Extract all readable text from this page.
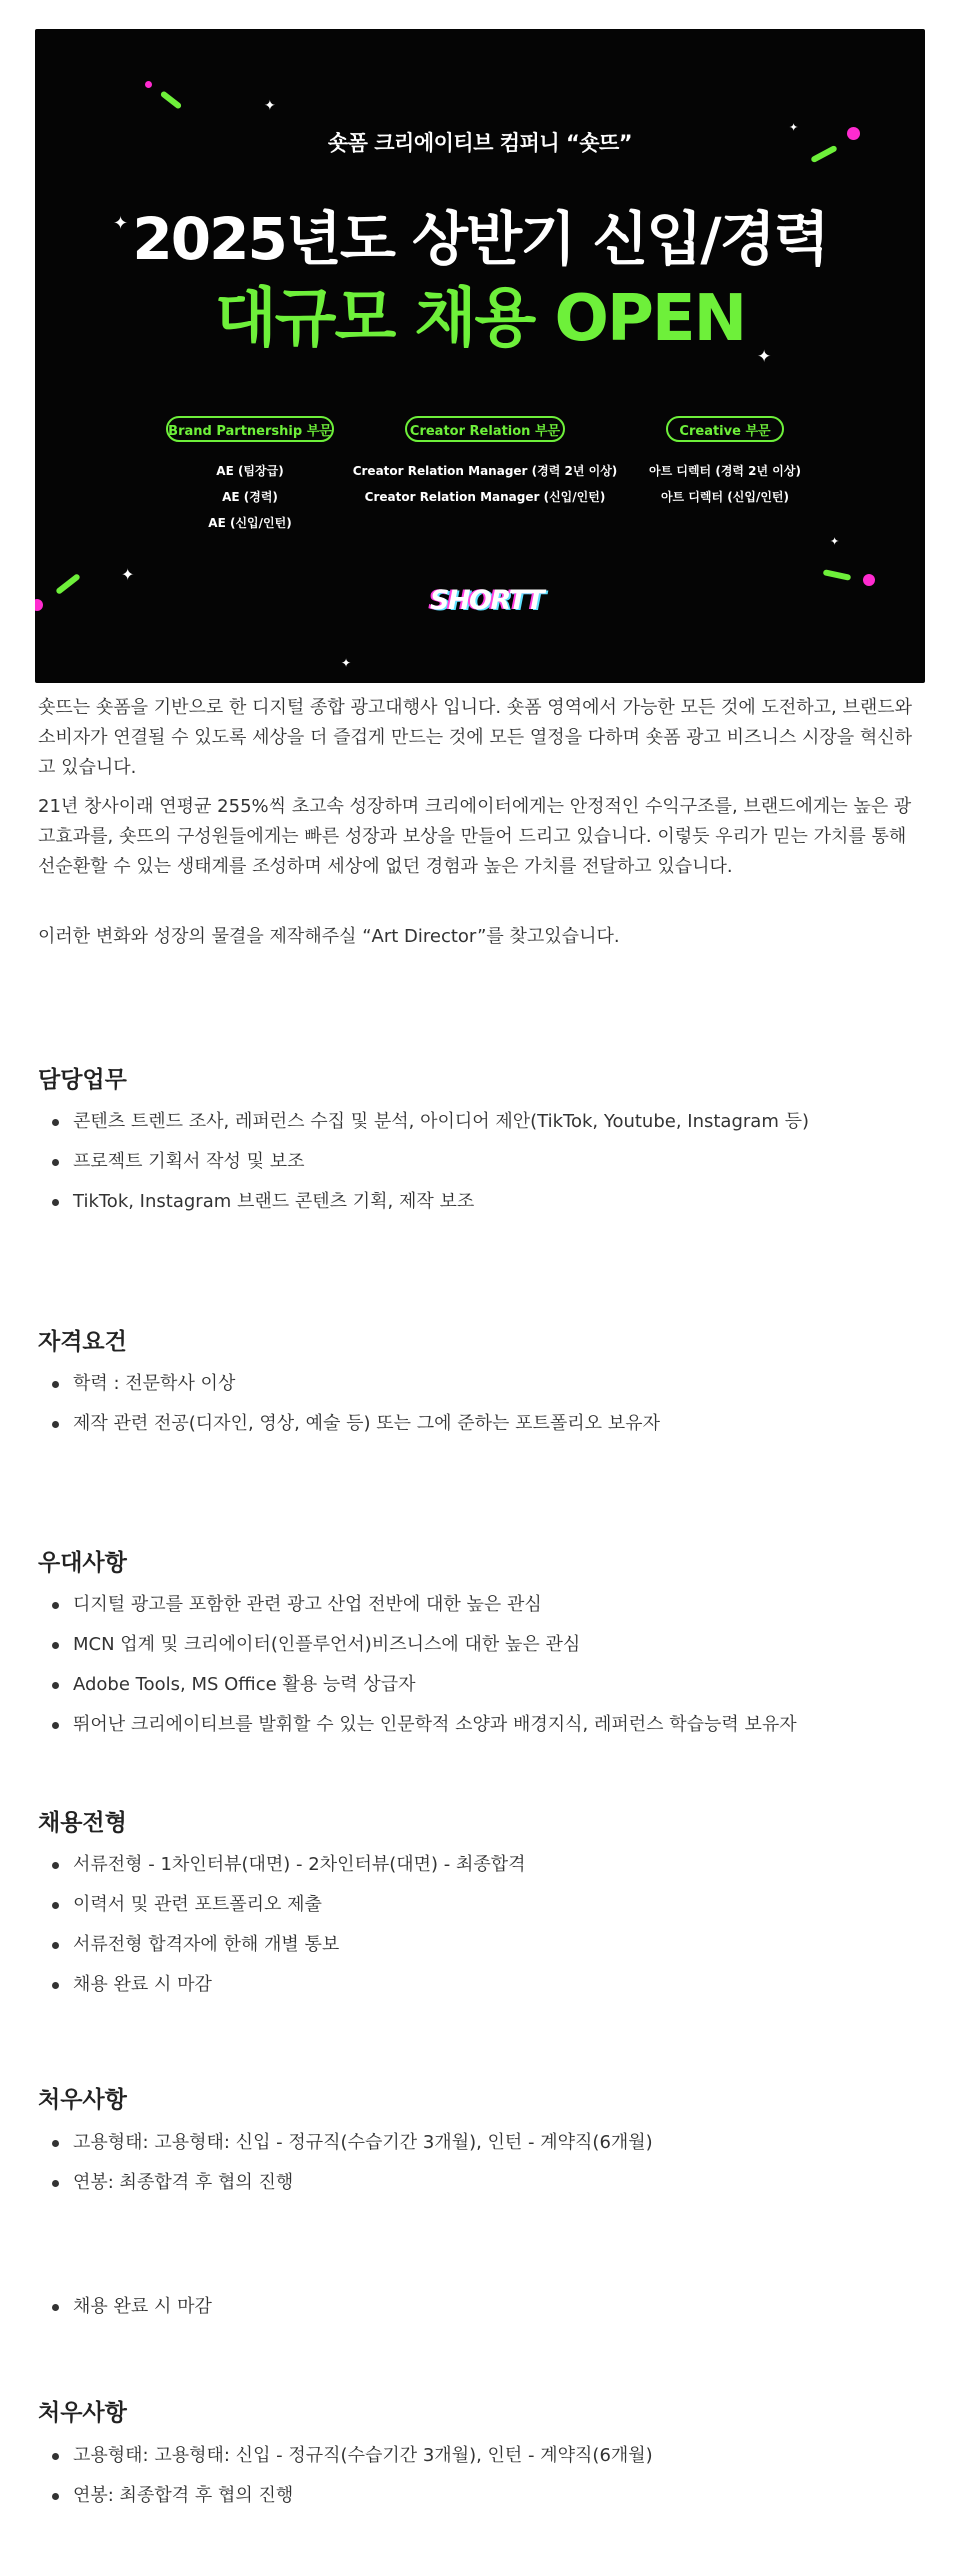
✦
✦
✦
✦
✦
✦
✦
숏폼 크리에이티브 컴퍼니 “숏뜨”
2025년도 상반기 신입/경력
대규모 채용 OPEN
Brand Partnership 부문	Creator Relation 부문	Creative 부문
AE (팀장급)
AE (경력)
AE (신입/인턴)
Creator Relation Manager (경력 2년 이상)
Creator Relation Manager (신입/인턴)
아트 디렉터 (경력 2년 이상)
아트 디렉터 (신입/인턴)
SHORTT

숏뜨는 숏폼을 기반으로 한 디지털 종합 광고대행사 입니다. 숏폼 영역에서 가능한 모든 것에 도전하고, 브랜드와 소비자가 연결될 수 있도록 세상을 더 즐겁게 만드는 것에 모든 열정을 다하며 숏폼 광고 비즈니스 시장을 혁신하고 있습니다.

21년 창사이래 연평균 255%씩 초고속 성장하며 크리에이터에게는 안정적인 수익구조를, 브랜드에게는 높은 광고효과를, 숏뜨의 구성원들에게는 빠른 성장과 보상을 만들어 드리고 있습니다. 이렇듯 우리가 믿는 가치를 통해 선순환할 수 있는 생태계를 조성하며 세상에 없던 경험과 높은 가치를 전달하고 있습니다.

이러한 변화와 성장의 물결을 제작해주실 “Art Director”를 찾고있습니다.

담당업무
콘텐츠 트렌드 조사, 레퍼런스 수집 및 분석, 아이디어 제안(TikTok, Youtube, Instagram 등)
프로젝트 기획서 작성 및 보조
TikTok, Instagram 브랜드 콘텐츠 기획, 제작 보조
자격요건
학력 : 전문학사 이상
제작 관련 전공(디자인, 영상, 예술 등) 또는 그에 준하는 포트폴리오 보유자
우대사항
디지털 광고를 포함한 관련 광고 산업 전반에 대한 높은 관심
MCN 업계 및 크리에이터(인플루언서)비즈니스에 대한 높은 관심
Adobe Tools, MS Office 활용 능력 상급자
뛰어난 크리에이티브를 발휘할 수 있는 인문학적 소양과 배경지식, 레퍼런스 학습능력 보유자
채용전형
서류전형 - 1차인터뷰(대면) - 2차인터뷰(대면) - 최종합격
이력서 및 관련 포트폴리오 제출
서류전형 합격자에 한해 개별 통보
채용 완료 시 마감
처우사항
고용형태: 고용형태: 신입 - 정규직(수습기간 3개월), 인턴 - 계약직(6개월)
연봉: 최종합격 후 협의 진행
채용 완료 시 마감
처우사항
고용형태: 고용형태: 신입 - 정규직(수습기간 3개월), 인턴 - 계약직(6개월)
연봉: 최종합격 후 협의 진행
